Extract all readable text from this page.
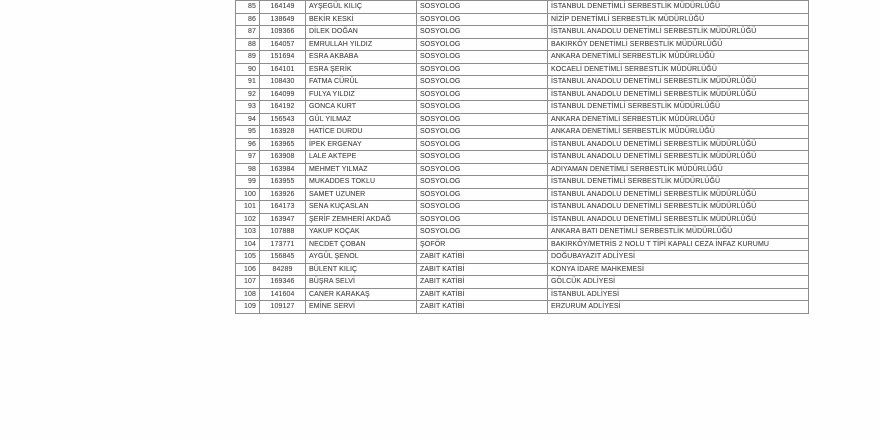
85	164149	AYŞEGÜL KILIÇ	SOSYOLOG	İSTANBUL DENETİMLİ SERBESTLİK MÜDÜRLÜĞÜ
86	138649	BEKİR KESKİ	SOSYOLOG	NİZİP DENETİMLİ SERBESTLİK MÜDÜRLÜĞÜ
87	109366	DİLEK DOĞAN	SOSYOLOG	İSTANBUL ANADOLU DENETİMLİ SERBESTLİK MÜDÜRLÜĞÜ
88	164057	EMRULLAH YILDIZ	SOSYOLOG	BAKIRKÖY DENETİMLİ SERBESTLİK MÜDÜRLÜĞÜ
89	151694	ESRA AKBABA	SOSYOLOG	ANKARA DENETİMLİ SERBESTLİK MÜDÜRLÜĞÜ
90	164101	ESRA ŞERİK	SOSYOLOG	KOCAELİ DENETİMLİ SERBESTLİK MÜDÜRLÜĞÜ
91	108430	FATMA CÜRÜL	SOSYOLOG	İSTANBUL ANADOLU DENETİMLİ SERBESTLİK MÜDÜRLÜĞÜ
92	164099	FULYA YILDIZ	SOSYOLOG	İSTANBUL ANADOLU DENETİMLİ SERBESTLİK MÜDÜRLÜĞÜ
93	164192	GONCA KURT	SOSYOLOG	İSTANBUL DENETİMLİ SERBESTLİK MÜDÜRLÜĞÜ
94	156543	GÜL YILMAZ	SOSYOLOG	ANKARA DENETİMLİ SERBESTLİK MÜDÜRLÜĞÜ
95	163928	HATİCE DURDU	SOSYOLOG	ANKARA DENETİMLİ SERBESTLİK MÜDÜRLÜĞÜ
96	163965	İPEK ERGENAY	SOSYOLOG	İSTANBUL ANADOLU DENETİMLİ SERBESTLİK MÜDÜRLÜĞÜ
97	163908	LALE AKTEPE	SOSYOLOG	İSTANBUL ANADOLU DENETİMLİ SERBESTLİK MÜDÜRLÜĞÜ
98	163984	MEHMET YILMAZ	SOSYOLOG	ADIYAMAN DENETİMLİ SERBESTLİK MÜDÜRLÜĞÜ
99	163955	MUKADDES TOKLU	SOSYOLOG	İSTANBUL DENETİMLİ SERBESTLİK MÜDÜRLÜĞÜ
100	163926	SAMET UZUNER	SOSYOLOG	İSTANBUL ANADOLU DENETİMLİ SERBESTLİK MÜDÜRLÜĞÜ
101	164173	SENA KUÇASLAN	SOSYOLOG	İSTANBUL ANADOLU DENETİMLİ SERBESTLİK MÜDÜRLÜĞÜ
102	163947	ŞERİF ZEMHERİ AKDAĞ	SOSYOLOG	İSTANBUL ANADOLU DENETİMLİ SERBESTLİK MÜDÜRLÜĞÜ
103	107888	YAKUP KOÇAK	SOSYOLOG	ANKARA BATI DENETİMLİ SERBESTLİK MÜDÜRLÜĞÜ
104	173771	NECDET ÇOBAN	ŞOFÖR	BAKIRKÖY/METRİS 2 NOLU T TİPİ KAPALI CEZA İNFAZ KURUMU
105	156845	AYGÜL ŞENOL	ZABIT KATİBİ	DOĞUBAYAZIT ADLİYESİ
106	84289	BÜLENT KILIÇ	ZABIT KATİBİ	KONYA İDARE MAHKEMESİ
107	169346	BÜŞRA SELVİ	ZABIT KATİBİ	GÖLCÜK ADLİYESİ
108	141604	CANER KARAKAŞ	ZABIT KATİBİ	İSTANBUL ADLİYESİ
109	109127	EMİNE SERVİ	ZABIT KATİBİ	ERZURUM ADLİYESİ
